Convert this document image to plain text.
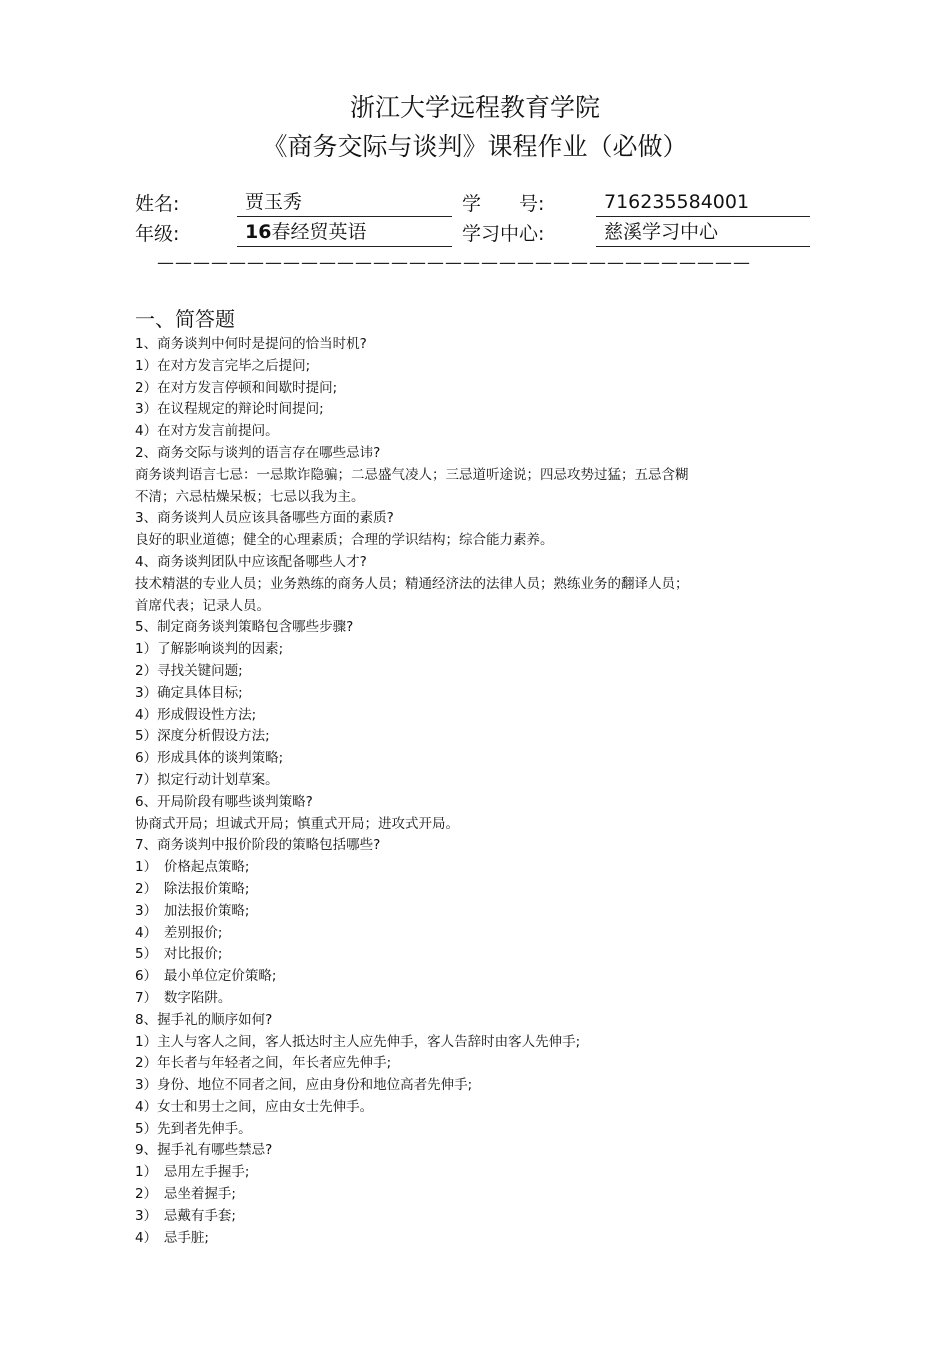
浙江大学远程教育学院
《商务交际与谈判》课程作业（必做）
姓名:	贾玉秀	学　　号:	716235584001
年级:	16春经贸英语	学习中心:	慈溪学习中心
—————————————————————————————————
一、简答题
1、商务谈判中何时是提问的恰当时机?
1）在对方发言完毕之后提问;
2）在对方发言停顿和间歇时提问;
3）在议程规定的辩论时间提问;
4）在对方发言前提问。
2、商务交际与谈判的语言存在哪些忌讳?
商务谈判语言七忌：一忌欺诈隐骗；二忌盛气凌人；三忌道听途说；四忌攻势过猛；五忌含糊
不清；六忌枯燥呆板；七忌以我为主。
3、商务谈判人员应该具备哪些方面的素质?
良好的职业道德；健全的心理素质；合理的学识结构；综合能力素养。
4、商务谈判团队中应该配备哪些人才?
技术精湛的专业人员；业务熟练的商务人员；精通经济法的法律人员；熟练业务的翻译人员；
首席代表；记录人员。
5、制定商务谈判策略包含哪些步骤?
1）了解影响谈判的因素;
2）寻找关键问题;
3）确定具体目标;
4）形成假设性方法;
5）深度分析假设方法;
6）形成具体的谈判策略;
7）拟定行动计划草案。
6、开局阶段有哪些谈判策略?
协商式开局；坦诚式开局；慎重式开局；进攻式开局。
7、商务谈判中报价阶段的策略包括哪些?
1）　价格起点策略;
2）　除法报价策略;
3）　加法报价策略;
4）　差别报价;
5）　对比报价;
6）　最小单位定价策略;
7）　数字陷阱。
8、握手礼的顺序如何?
1）主人与客人之间，客人抵达时主人应先伸手，客人告辞时由客人先伸手;
2）年长者与年轻者之间，年长者应先伸手;
3）身份、地位不同者之间，应由身份和地位高者先伸手;
4）女士和男士之间，应由女士先伸手。
5）先到者先伸手。
9、握手礼有哪些禁忌?
1）　忌用左手握手;
2）　忌坐着握手;
3）　忌戴有手套;
4）　忌手脏;
